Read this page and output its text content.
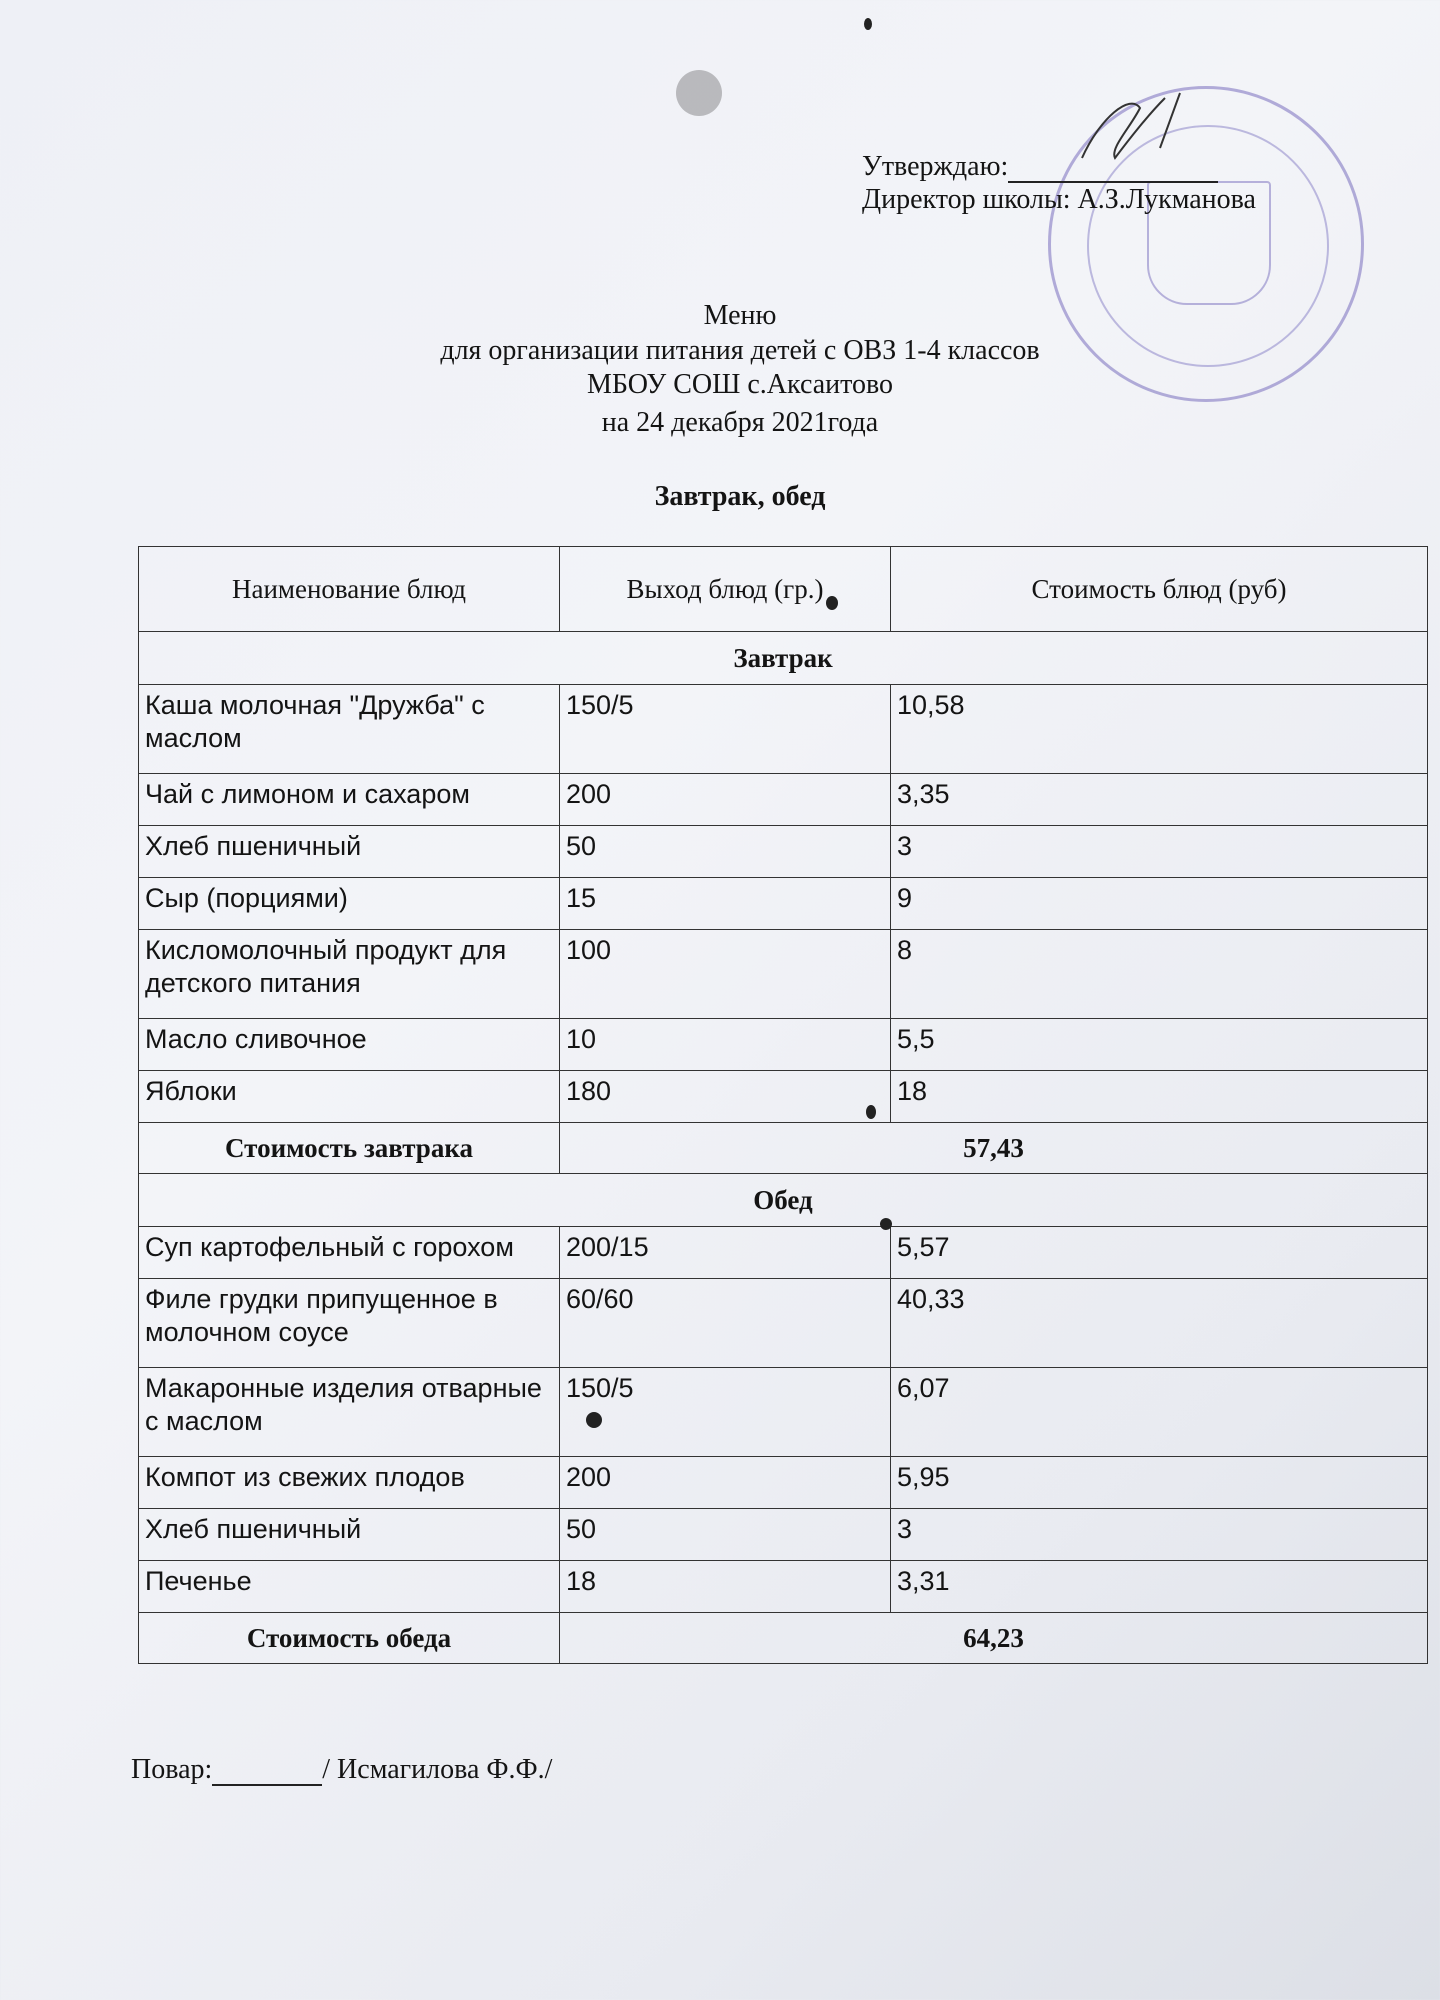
Утверждаю:
Директор школы: А.З.Лукманова
Меню
для организации питания детей с ОВЗ 1-4 классов
МБОУ СОШ с.Аксаитово
на 24 декабря 2021года
Завтрак, обед
Наименование блюд	Выход блюд (гр.)	Стоимость блюд (руб)
Завтрак		
Каша молочная "Дружба" с маслом	150/5	10,58
Чай с лимоном и сахаром	200	3,35
Хлеб пшеничный	50	3
Сыр (порциями)	15	9
Кисломолочный продукт для детского питания	100	8
Масло сливочное	10	5,5
Яблоки	180	18
Стоимость завтрака	57,43	
Обед		
Суп картофельный с горохом	200/15	5,57
Филе грудки припущенное в молочном соусе	60/60	40,33
Макаронные изделия отварные с маслом	150/5	6,07
Компот из свежих плодов	200	5,95
Хлеб пшеничный	50	3
Печенье	18	3,31
Стоимость обеда	64,23	
Повар:	/ Исмагилова Ф.Ф./
